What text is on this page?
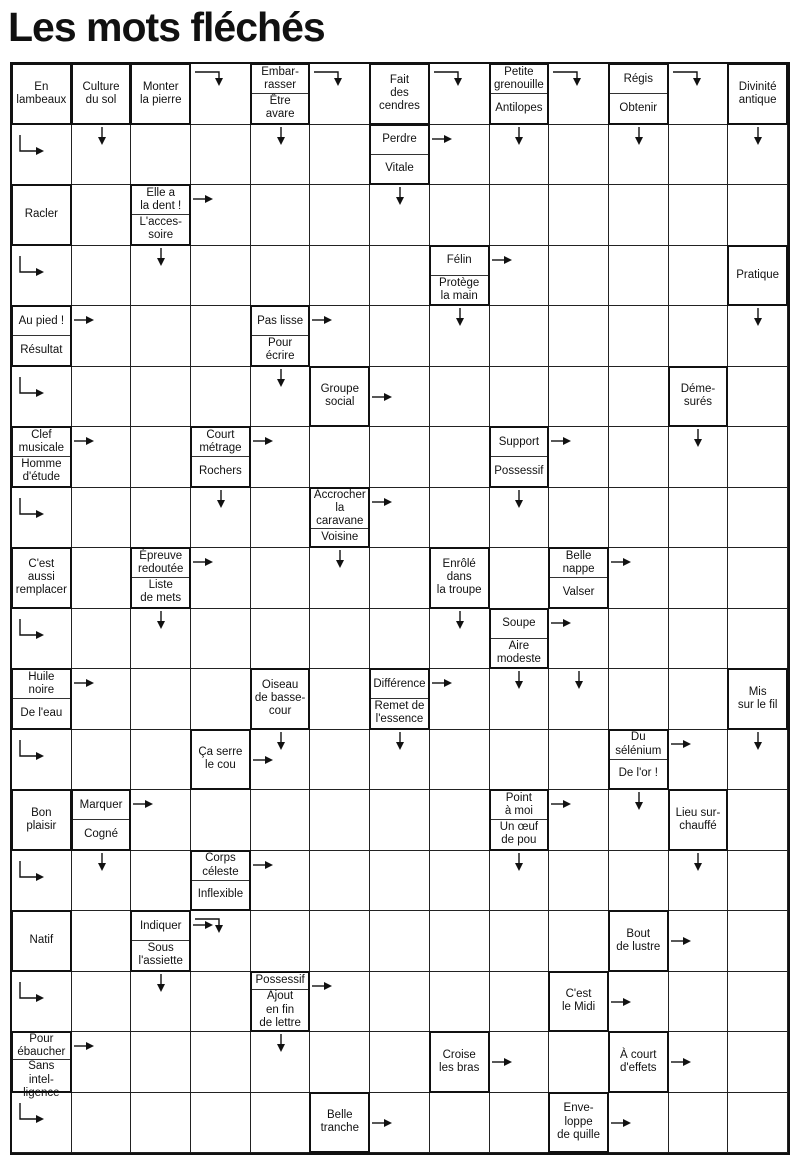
Les mots fléchés
En
lambeaux
Culture
du sol
Monter
la pierre
Embar-
rasser
Être avare
Fait
des
cendres
Petite
grenouille
Antilopes
Régis
Obtenir
Divinité
antique
Perdre
Vitale
Racler
Elle a
la dent !
L'acces-
soire
Félin
Protège
la main
Pratique
Au pied !
Résultat
Pas lisse
Pour
écrire
Groupe
social
Déme-
surés
Clef
musicale
Homme
d'étude
Court
métrage
Rochers
Support
Possessif
Accrocher
la
caravane
Voisine
C'est
aussi
remplacer
Épreuve
redoutée
Liste
de mets
Enrôlé
dans
la troupe
Belle
nappe
Valser
Soupe
Aire
modeste
Huile
noire
De l'eau
Oiseau
de basse-
cour
Différence
Remet de
l'essence
Mis
sur le fil
Ça serre
le cou
Du
sélénium
De l'or !
Bon
plaisir
Marquer
Cogné
Point
à moi
Un œuf
de pou
Lieu sur-
chauffé
Corps
céleste
Inflexible
Natif
Indiquer
Sous
l'assiette
Bout
de lustre
Possessif
Ajout
en fin
de lettre
C'est
le Midi
Pour
ébaucher
Sans
intel-
ligence
Croise
les bras
À court
d'effets
Belle
tranche
Enve-
loppe
de quille
